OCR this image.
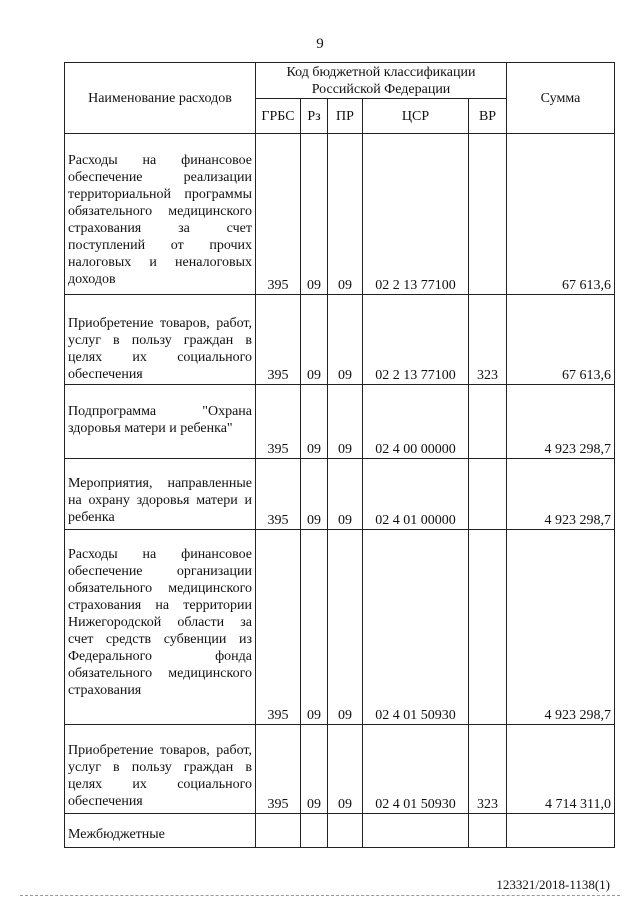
9
Наименование расходов	Код бюджетной классификации Российской Федерации					Сумма
	ГРБС	Рз	ПР	ЦСР	ВР	
Расходы на финансовое обеспечение реализации территориальной программы обязательного медицинского страхования за счет поступлений от прочих налоговых и неналоговых доходов	395	09	09	02 2 13 77100		67 613,6
Приобретение товаров, работ, услуг в пользу граждан в целях их социального обеспечения	395	09	09	02 2 13 77100	323	67 613,6
Подпрограмма "Охрана здоровья матери и ребенка"	395	09	09	02 4 00 00000		4 923 298,7
Мероприятия, направленные на охрану здоровья матери и ребенка	395	09	09	02 4 01 00000		4 923 298,7
Расходы на финансовое обеспечение организации обязательного медицинского страхования на территории Нижегородской области за счет средств субвенции из Федерального фонда обязательного медицинского страхования	395	09	09	02 4 01 50930		4 923 298,7
Приобретение товаров, работ, услуг в пользу граждан в целях их социального обеспечения	395	09	09	02 4 01 50930	323	4 714 311,0
Межбюджетные						
123321/2018-1138(1)
